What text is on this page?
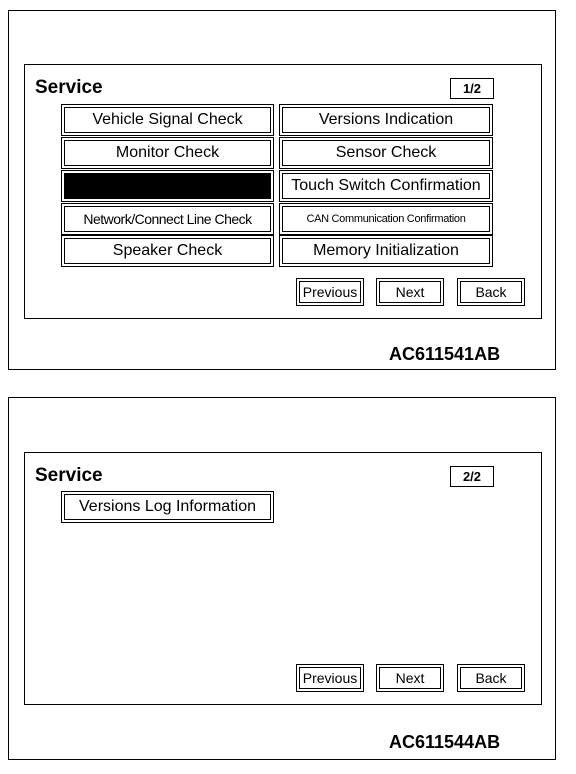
Service	1/2
Vehicle Signal Check	Versions Indication
Monitor Check	Sensor Check
Touch Switch Confirmation
Network/Connect Line Check	CAN Communication Confirmation
Speaker Check	Memory Initialization
Previous	Next	Back
AC611541AB
Service	2/2
Versions Log Information
Previous	Next	Back
AC611544AB
